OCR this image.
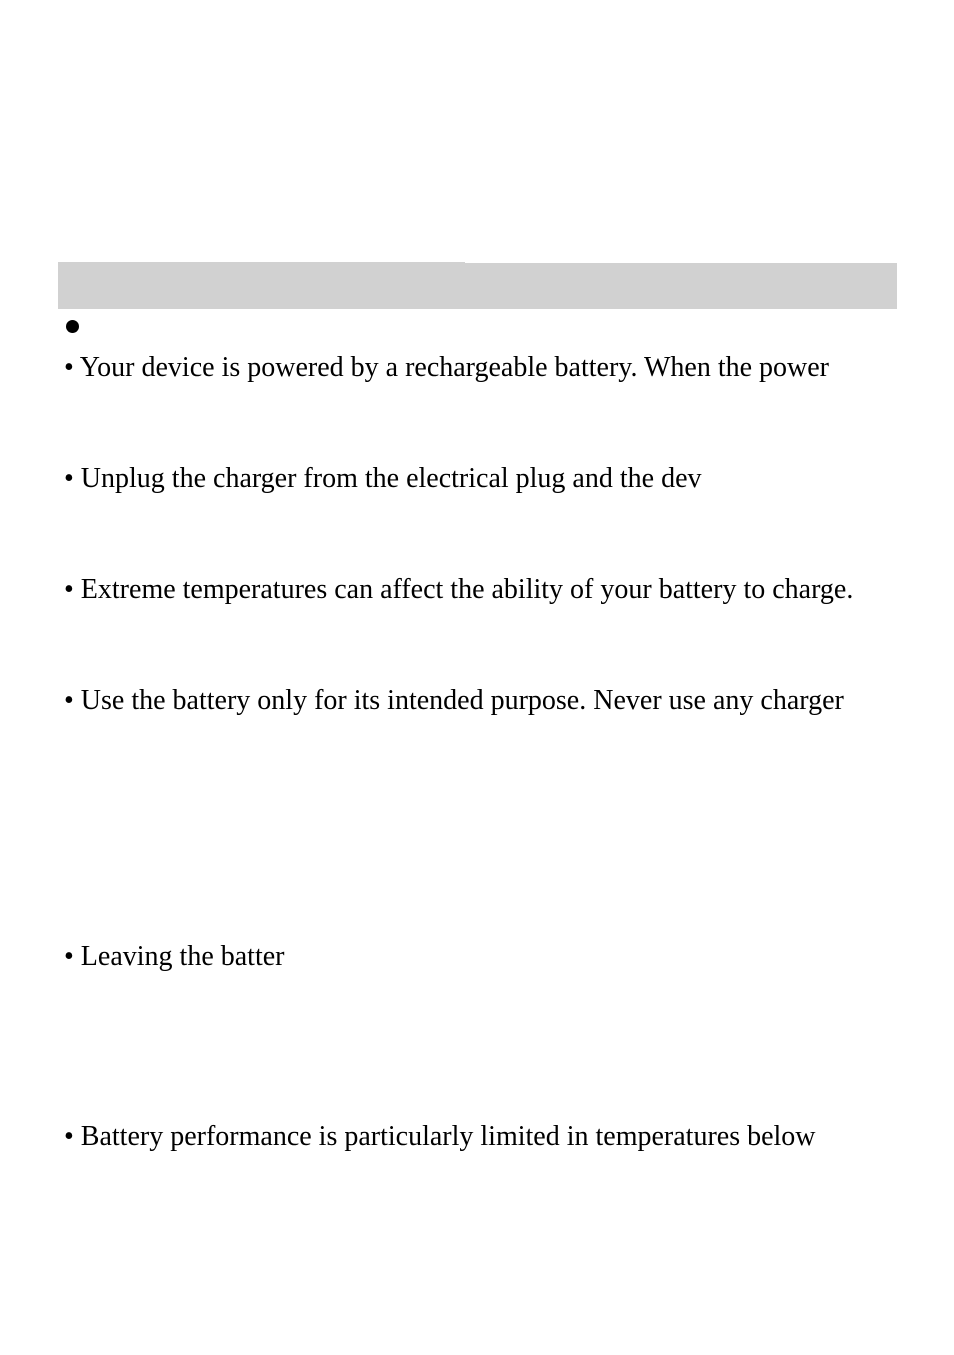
• Your device is powered by a rechargeable battery. When the power
• Unplug the charger from the electrical plug and the dev
• Extreme temperatures can affect the ability of your battery to charge.
• Use the battery only for its intended purpose. Never use any charger
• Leaving the batter
• Battery performance is particularly limited in temperatures below
